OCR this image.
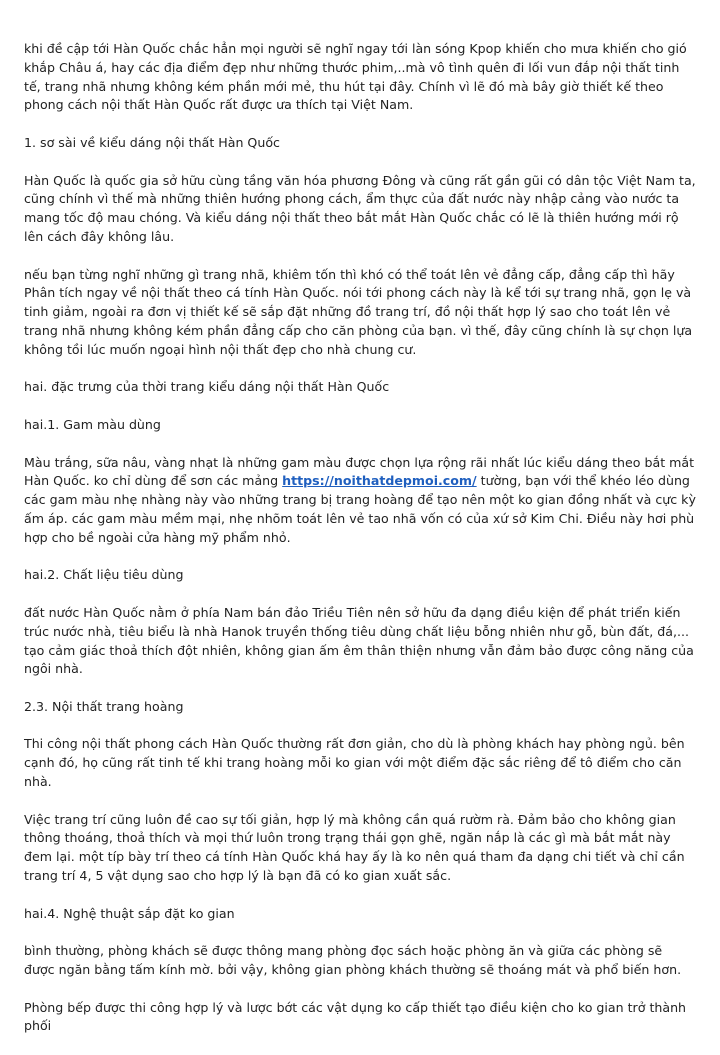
khi đề cập tới Hàn Quốc chắc hẳn mọi người sẽ nghĩ ngay tới làn sóng Kpop khiến cho mưa khiến cho gió khắp Châu á, hay các địa điểm đẹp như những thước phim,..mà vô tình quên đi lối vun đắp nội thất tinh tế, trang nhã nhưng không kém phần mới mẻ, thu hút tại đây. Chính vì lẽ đó mà bây giờ thiết kế theo phong cách nội thất Hàn Quốc rất được ưa thích tại Việt Nam.

1. sơ sài về kiểu dáng nội thất Hàn Quốc

Hàn Quốc là quốc gia sở hữu cùng tầng văn hóa phương Đông và cũng rất gần gũi có dân tộc Việt Nam ta, cũng chính vì thế mà những thiên hướng phong cách, ẩm thực của đất nước này nhập cảng vào nước ta mang tốc độ mau chóng. Và kiểu dáng nội thất theo bắt mắt Hàn Quốc chắc có lẽ là thiên hướng mới rộ lên cách đây không lâu.

nếu bạn từng nghĩ những gì trang nhã, khiêm tốn thì khó có thể toát lên vẻ đẳng cấp, đẳng cấp thì hãy Phân tích ngay về nội thất theo cá tính Hàn Quốc. nói tới phong cách này là kể tới sự trang nhã, gọn lẹ và tinh giảm, ngoài ra đơn vị thiết kế sẽ sắp đặt những đồ trang trí, đồ nội thất hợp lý sao cho toát lên vẻ trang nhã nhưng không kém phần đẳng cấp cho căn phòng của bạn. vì thế, đây cũng chính là sự chọn lựa không tồi lúc muốn ngoại hình nội thất đẹp cho nhà chung cư.

hai. đặc trưng của thời trang kiểu dáng nội thất Hàn Quốc

hai.1. Gam màu dùng

Màu trắng, sữa nâu, vàng nhạt là những gam màu được chọn lựa rộng rãi nhất lúc kiểu dáng theo bắt mắt Hàn Quốc. ko chỉ dùng để sơn các mảng https://noithatdepmoi.com/ tường, bạn với thể khéo léo dùng các gam màu nhẹ nhàng này vào những trang bị trang hoàng để tạo nên một ko gian đồng nhất và cực kỳ ấm áp. các gam màu mềm mại, nhẹ nhõm toát lên vẻ tao nhã vốn có của xứ sở Kim Chi. Điều này hơi phù hợp cho bề ngoài cửa hàng mỹ phẩm nhỏ.

hai.2. Chất liệu tiêu dùng

đất nước Hàn Quốc nằm ở phía Nam bán đảo Triều Tiên nên sở hữu đa dạng điều kiện để phát triển kiến trúc nước nhà, tiêu biểu là nhà Hanok truyền thống tiêu dùng chất liệu bỗng nhiên như gỗ, bùn đất, đá,... tạo cảm giác thoả thích đột nhiên, không gian ấm êm thân thiện nhưng vẫn đảm bảo được công năng của ngôi nhà.

2.3. Nội thất trang hoàng

Thi công nội thất phong cách Hàn Quốc thường rất đơn giản, cho dù là phòng khách hay phòng ngủ. bên cạnh đó, họ cũng rất tinh tế khi trang hoàng mỗi ko gian với một điểm đặc sắc riêng để tô điểm cho căn nhà.

Việc trang trí cũng luôn đề cao sự tối giản, hợp lý mà không cần quá rườm rà. Đảm bảo cho không gian thông thoáng, thoả thích và mọi thứ luôn trong trạng thái gọn ghẽ, ngăn nắp là các gì mà bắt mắt này đem lại. một típ bày trí theo cá tính Hàn Quốc khá hay ấy là ko nên quá tham đa dạng chi tiết và chỉ cần trang trí 4, 5 vật dụng sao cho hợp lý là bạn đã có ko gian xuất sắc.

hai.4. Nghệ thuật sắp đặt ko gian

bình thường, phòng khách sẽ được thông mang phòng đọc sách hoặc phòng ăn và giữa các phòng sẽ được ngăn bằng tấm kính mờ. bởi vậy, không gian phòng khách thường sẽ thoáng mát và phổ biến hơn.

Phòng bếp được thi công hợp lý và lược bớt các vật dụng ko cấp thiết tạo điều kiện cho ko gian trở thành phối
